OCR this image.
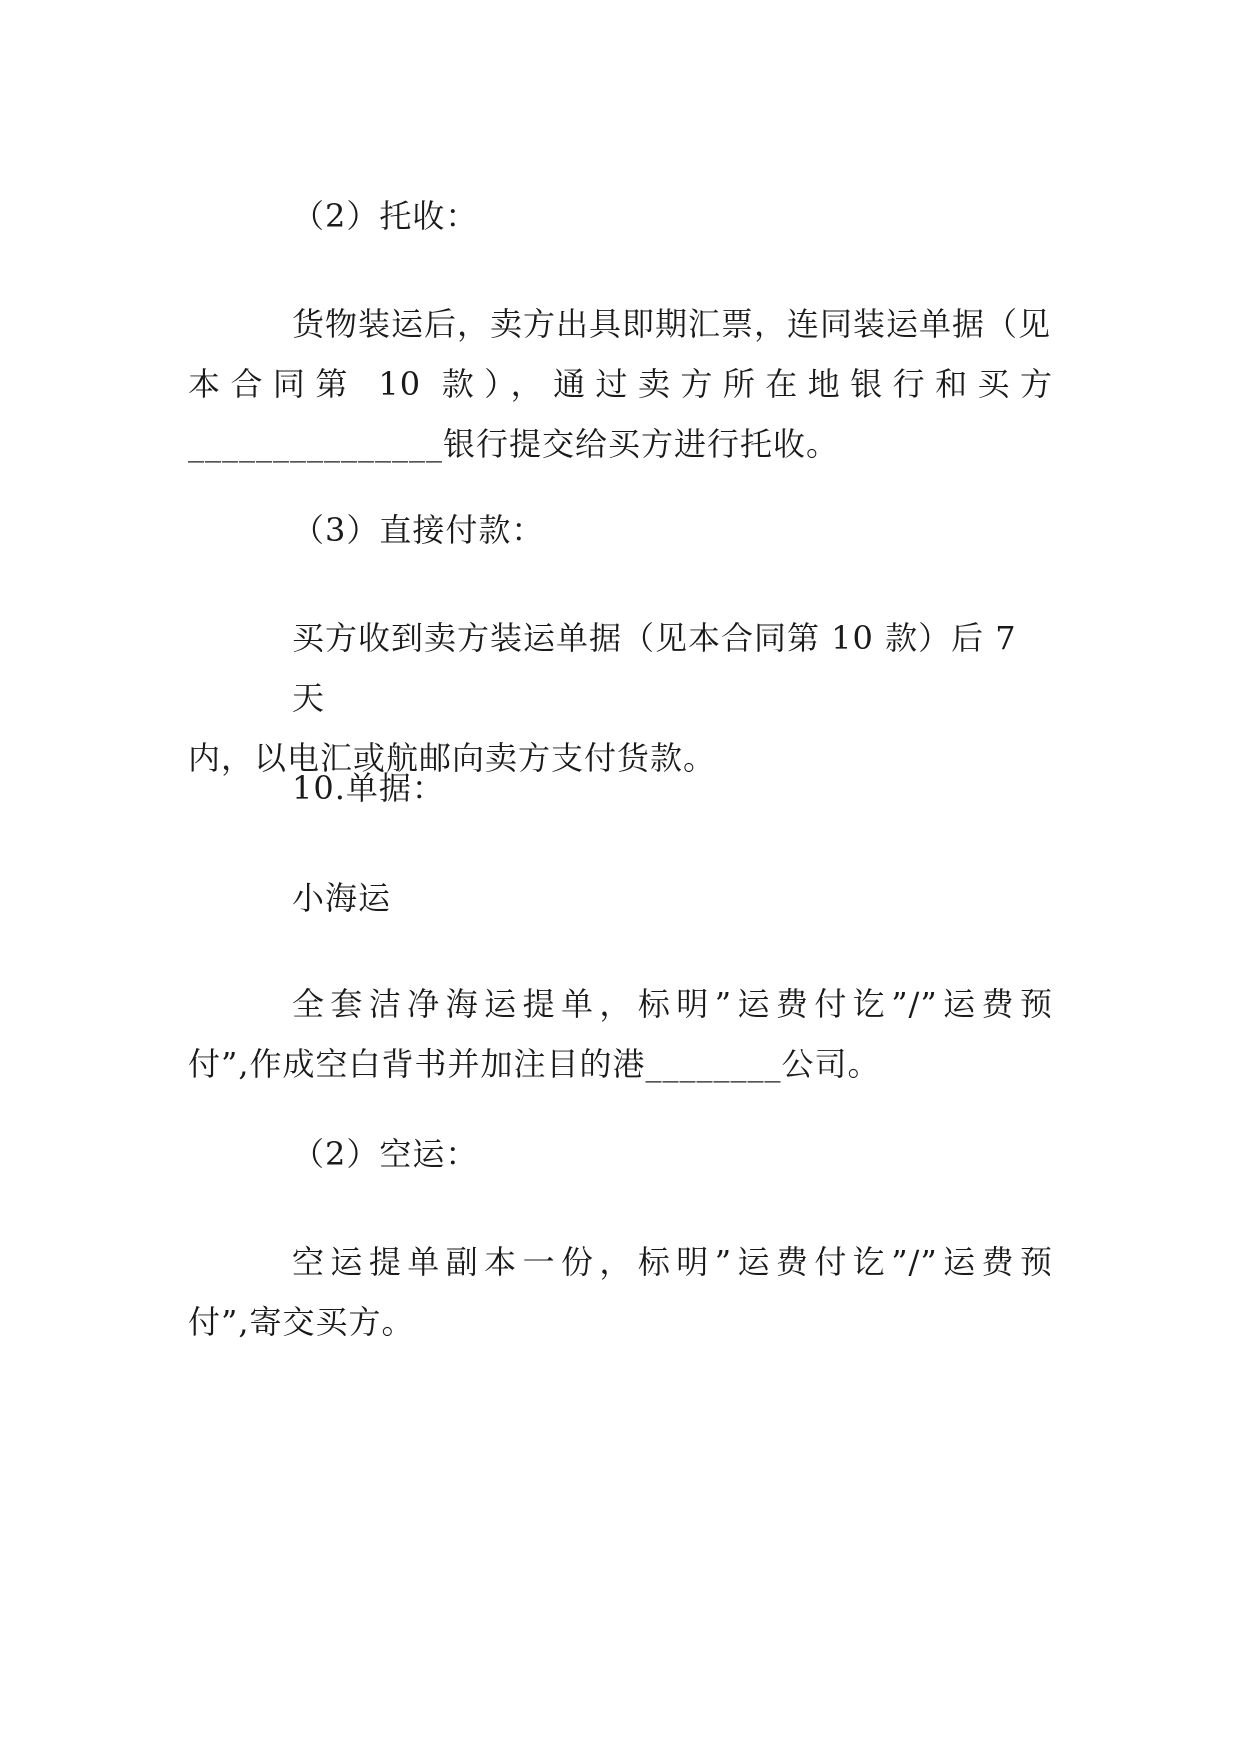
（2）托收：

货物装运后，卖方出具即期汇票，连同装运单据（见
本合同第 10 款），通过卖方所在地银行和买方
_______________银行提交给买方进行托收。

（3）直接付款：

买方收到卖方装运单据（见本合同第 10 款）后 7 天
内，以电汇或航邮向卖方支付货款。

10.单据：

小海运

全套洁净海运提单，标明”运费付讫”/”运费预
付”,作成空白背书并加注目的港________公司。

（2）空运：

空运提单副本一份，标明”运费付讫”/”运费预
付”,寄交买方。
